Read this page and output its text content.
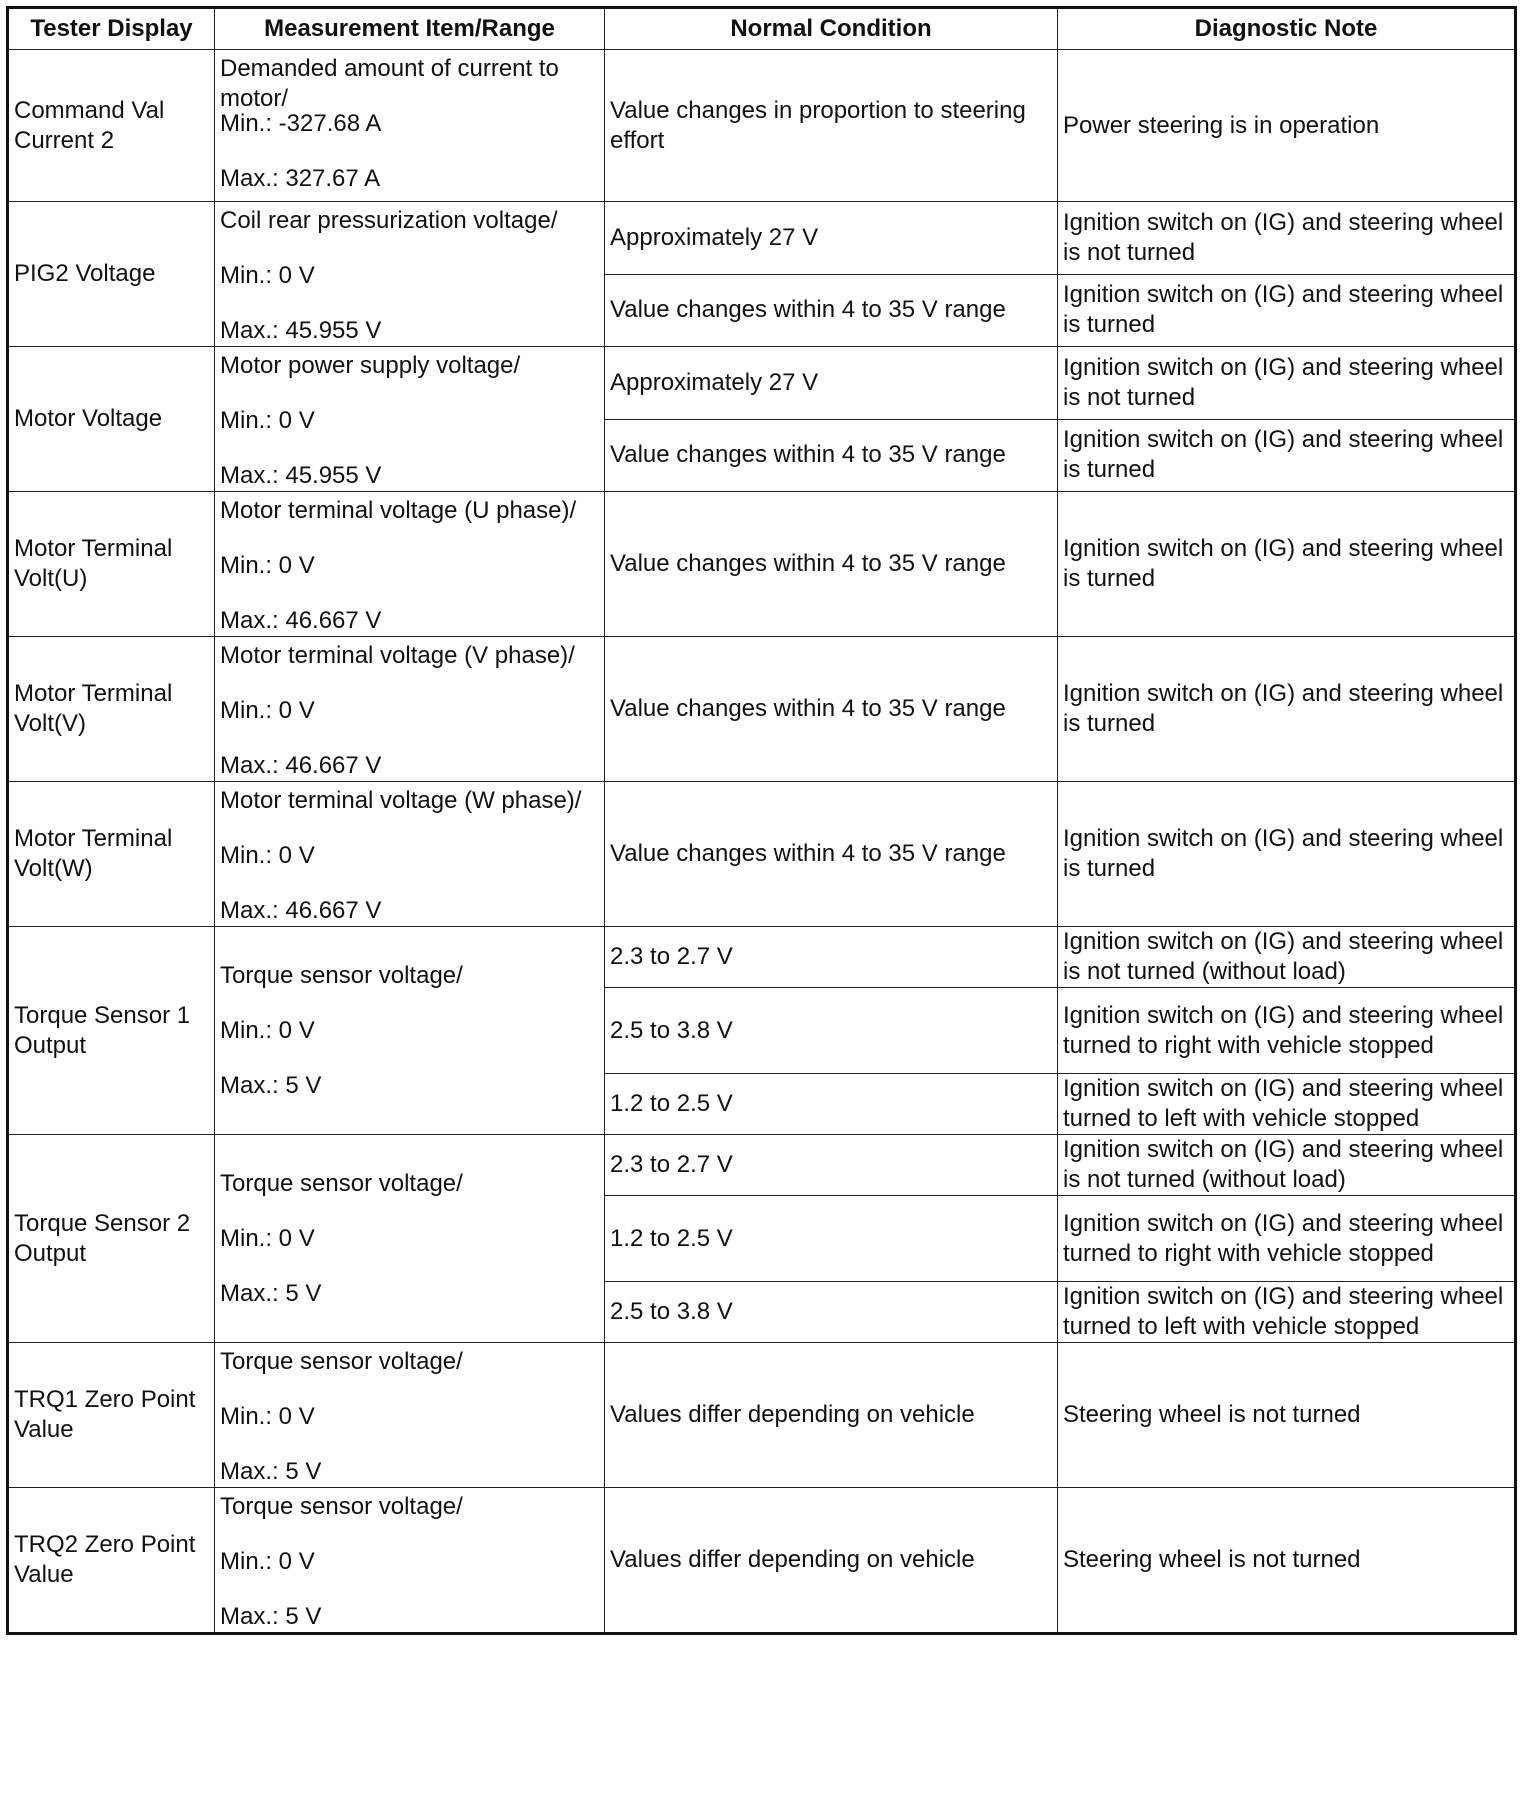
Tester Display	Measurement Item/Range	Normal Condition	Diagnostic Note
Command Val Current 2	Demanded amount of current to motor/
Min.: -327.68 A
Max.: 327.67 A	Value changes in proportion to steering effort	Power steering is in operation
PIG2 Voltage	Coil rear pressurization voltage/
Min.: 0 V
Max.: 45.955 V	Approximately 27 V	Ignition switch on (IG) and steering wheel is not turned
		Value changes within 4 to 35 V range	Ignition switch on (IG) and steering wheel is turned
Motor Voltage	Motor power supply voltage/
Min.: 0 V
Max.: 45.955 V	Approximately 27 V	Ignition switch on (IG) and steering wheel is not turned
		Value changes within 4 to 35 V range	Ignition switch on (IG) and steering wheel is turned
Motor Terminal Volt(U)	Motor terminal voltage (U phase)/
Min.: 0 V
Max.: 46.667 V	Value changes within 4 to 35 V range	Ignition switch on (IG) and steering wheel is turned
Motor Terminal Volt(V)	Motor terminal voltage (V phase)/
Min.: 0 V
Max.: 46.667 V	Value changes within 4 to 35 V range	Ignition switch on (IG) and steering wheel is turned
Motor Terminal Volt(W)	Motor terminal voltage (W phase)/
Min.: 0 V
Max.: 46.667 V	Value changes within 4 to 35 V range	Ignition switch on (IG) and steering wheel is turned
Torque Sensor 1 Output	Torque sensor voltage/
Min.: 0 V
Max.: 5 V	2.3 to 2.7 V	Ignition switch on (IG) and steering wheel is not turned (without load)
		2.5 to 3.8 V	Ignition switch on (IG) and steering wheel turned to right with vehicle stopped
		1.2 to 2.5 V	Ignition switch on (IG) and steering wheel turned to left with vehicle stopped
Torque Sensor 2 Output	Torque sensor voltage/
Min.: 0 V
Max.: 5 V	2.3 to 2.7 V	Ignition switch on (IG) and steering wheel is not turned (without load)
		1.2 to 2.5 V	Ignition switch on (IG) and steering wheel turned to right with vehicle stopped
		2.5 to 3.8 V	Ignition switch on (IG) and steering wheel turned to left with vehicle stopped
TRQ1 Zero Point Value	Torque sensor voltage/
Min.: 0 V
Max.: 5 V	Values differ depending on vehicle	Steering wheel is not turned
TRQ2 Zero Point Value	Torque sensor voltage/
Min.: 0 V
Max.: 5 V	Values differ depending on vehicle	Steering wheel is not turned
